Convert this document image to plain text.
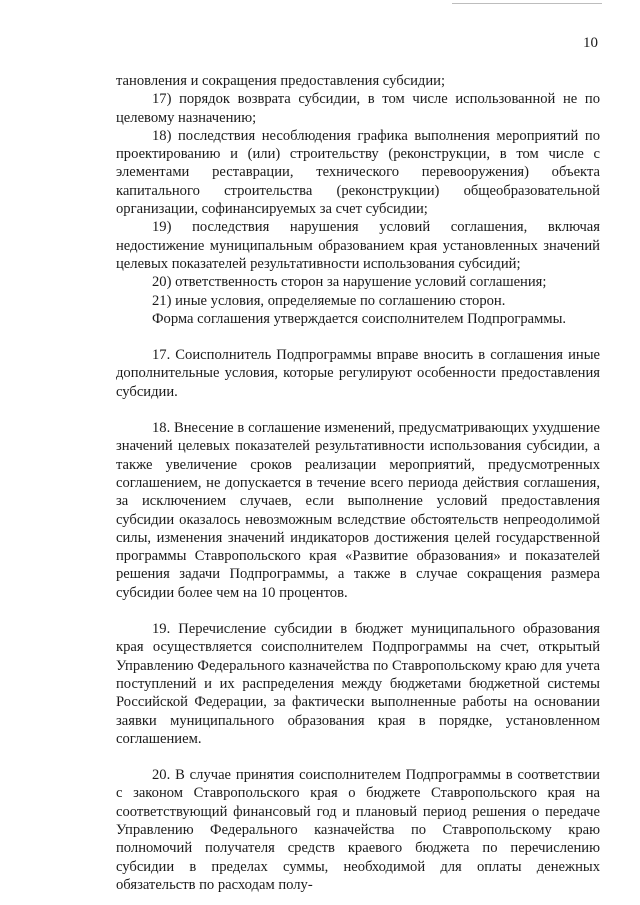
10

тановления и сокращения предоставления субсидии;

17) порядок возврата субсидии, в том числе использованной не по целевому назначению;

18) последствия несоблюдения графика выполнения мероприятий по проектированию и (или) строительству (реконструкции, в том числе с элементами реставрации, технического перевооружения) объекта капитального строительства (реконструкции) общеобразовательной организации, софинансируемых за счет субсидии;

19) последствия нарушения условий соглашения, включая недостижение муниципальным образованием края установленных значений целевых показателей результативности использования субсидий;

20) ответственность сторон за нарушение условий соглашения;

21) иные условия, определяемые по соглашению сторон.

Форма соглашения утверждается соисполнителем Подпрограммы.

17. Соисполнитель Подпрограммы вправе вносить в соглашения иные дополнительные условия, которые регулируют особенности предоставления субсидии.

18. Внесение в соглашение изменений, предусматривающих ухудшение значений целевых показателей результативности использования субсидии, а также увеличение сроков реализации мероприятий, предусмотренных соглашением, не допускается в течение всего периода действия соглашения, за исключением случаев, если выполнение условий предоставления субсидии оказалось невозможным вследствие обстоятельств непреодолимой силы, изменения значений индикаторов достижения целей государственной программы Ставропольского края «Развитие образования» и показателей решения задачи Подпрограммы, а также в случае сокращения размера субсидии более чем на 10 процентов.

19. Перечисление субсидии в бюджет муниципального образования края осуществляется соисполнителем Подпрограммы на счет, открытый Управлению Федерального казначейства по Ставропольскому краю для учета поступлений и их распределения между бюджетами бюджетной системы Российской Федерации, за фактически выполненные работы на основании заявки муниципального образования края в порядке, установленном соглашением.

20. В случае принятия соисполнителем Подпрограммы в соответствии с законом Ставропольского края о бюджете Ставропольского края на соответствующий финансовый год и плановый период решения о передаче Управлению Федерального казначейства по Ставропольскому краю полномочий получателя средств краевого бюджета по перечислению субсидии в пределах суммы, необходимой для оплаты денежных обязательств по расходам полу-
